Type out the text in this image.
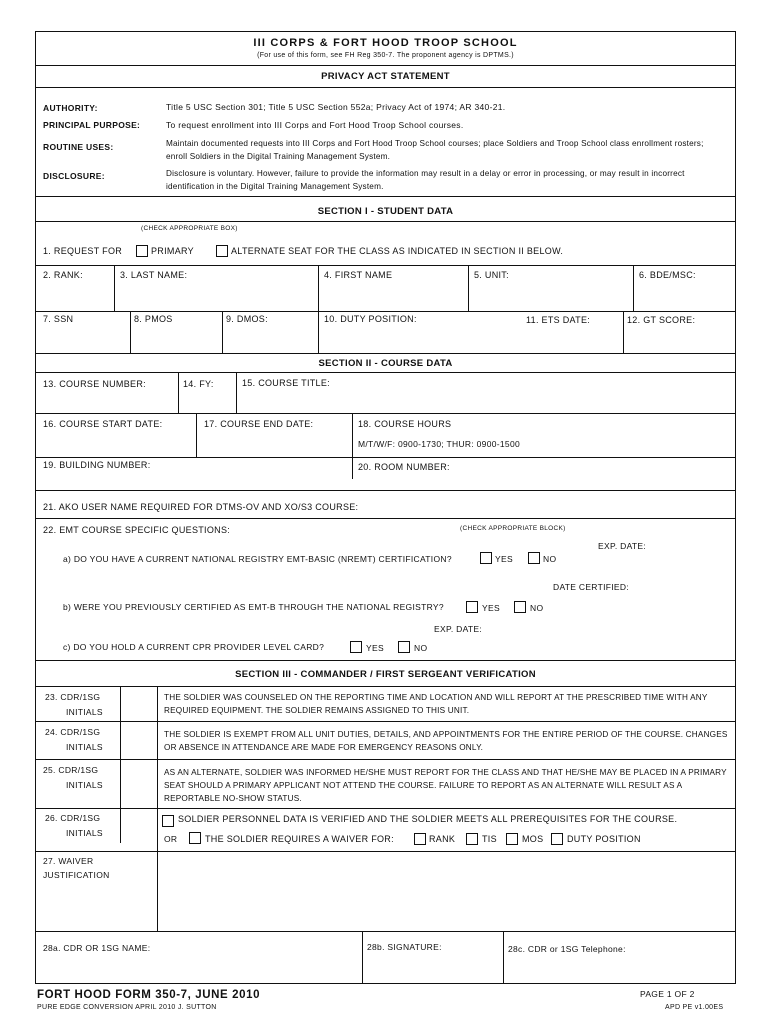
III CORPS & FORT HOOD TROOP SCHOOL
(For use of this form, see FH Reg 350-7. The proponent agency is DPTMS.)
PRIVACY ACT STATEMENT
AUTHORITY:	Title 5 USC Section 301; Title 5 USC Section 552a; Privacy Act of 1974; AR 340-21.
PRINCIPAL PURPOSE:	To request enrollment into III Corps and Fort Hood Troop School courses.
ROUTINE USES:	Maintain documented requests into III Corps and Fort Hood Troop School courses; place Soldiers and Troop School class enrollment rosters; enroll Soldiers in the Digital Training Management System.
DISCLOSURE:	Disclosure is voluntary. However, failure to provide the information may result in a delay or error in processing, or may result in incorrect identification in the Digital Training Management System.
SECTION I - STUDENT DATA
(CHECK APPROPRIATE BOX)
1. REQUEST FOR	PRIMARY	ALTERNATE SEAT FOR THE CLASS AS INDICATED IN SECTION II BELOW.
2. RANK:	3. LAST NAME:	4. FIRST NAME	5. UNIT:	6. BDE/MSC:
7. SSN	8. PMOS	9. DMOS:	10. DUTY POSITION:	11. ETS DATE:	12. GT SCORE:
SECTION II - COURSE DATA
13. COURSE NUMBER:	14. FY:	15. COURSE TITLE:
16. COURSE START DATE:	17. COURSE END DATE:	18. COURSE HOURS
M/T/W/F: 0900-1730; THUR: 0900-1500
19. BUILDING NUMBER:	20. ROOM NUMBER:
21. AKO USER NAME REQUIRED FOR DTMS-OV AND XO/S3 COURSE:
22. EMT COURSE SPECIFIC QUESTIONS:	(CHECK APPROPRIATE BLOCK)
EXP. DATE:
a) DO YOU HAVE A CURRENT NATIONAL REGISTRY EMT-BASIC (NREMT) CERTIFICATION?	YES	NO
DATE CERTIFIED:
b) WERE YOU PREVIOUSLY CERTIFIED AS EMT-B THROUGH THE NATIONAL REGISTRY?	YES	NO
EXP. DATE:
c) DO YOU HOLD A CURRENT CPR PROVIDER LEVEL CARD?	YES	NO
SECTION III - COMMANDER / FIRST SERGEANT VERIFICATION
23. CDR/1SG
INITIALS
THE SOLDIER WAS COUNSELED ON THE REPORTING TIME AND LOCATION AND WILL REPORT AT THE PRESCRIBED TIME WITH ANY REQUIRED EQUIPMENT. THE SOLDIER REMAINS ASSIGNED TO THIS UNIT.
24. CDR/1SG
INITIALS
THE SOLDIER IS EXEMPT FROM ALL UNIT DUTIES, DETAILS, AND APPOINTMENTS FOR THE ENTIRE PERIOD OF THE COURSE. CHANGES OR ABSENCE IN ATTENDANCE ARE MADE FOR EMERGENCY REASONS ONLY.
25. CDR/1SG
INITIALS
AS AN ALTERNATE, SOLDIER WAS INFORMED HE/SHE MUST REPORT FOR THE CLASS AND THAT HE/SHE MAY BE PLACED IN A PRIMARY SEAT SHOULD A PRIMARY APPLICANT NOT ATTEND THE COURSE. FAILURE TO REPORT AS AN ALTERNATE WILL RESULT AS A REPORTABLE NO-SHOW STATUS.
26. CDR/1SG
INITIALS
SOLDIER PERSONNEL DATA IS VERIFIED AND THE SOLDIER MEETS ALL PREREQUISITES FOR THE COURSE.
OR	THE SOLDIER REQUIRES A WAIVER FOR:	RANK	TIS	MOS	DUTY POSITION
27. WAIVER
JUSTIFICATION
28a. CDR OR 1SG NAME:	28b. SIGNATURE:	28c. CDR or 1SG Telephone:
FORT HOOD FORM 350-7, JUNE 2010
PURE EDGE CONVERSION APRIL 2010 J. SUTTON
PAGE 1 OF 2
APD PE v1.00ES
